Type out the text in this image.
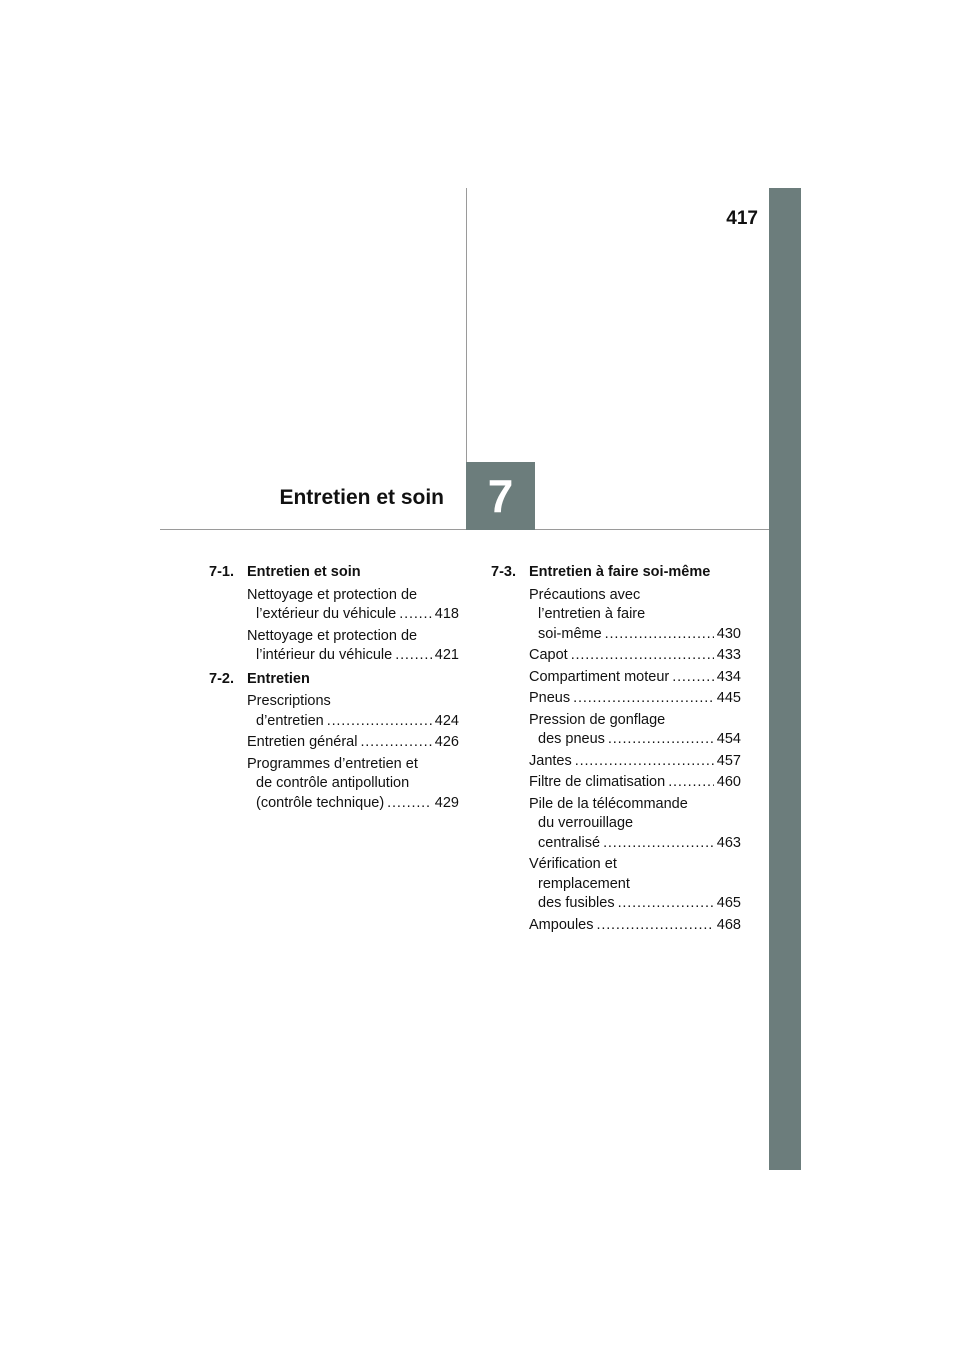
417
7
Entretien et soin
7-1. Entretien et soin
Nettoyage et protection de
l’extérieur du véhicule . . .	418
Nettoyage et protection de
l’intérieur du véhicule . . .	421
7-2. Entretien
Prescriptions
d’entretien . . .	424
Entretien général . . .	426
Programmes d’entretien et
de contrôle antipollution
(contrôle technique) . . .	429
7-3. Entretien à faire soi-même
Précautions avec
l’entretien à faire
soi-même . . .	430
Capot . . .	433
Compartiment moteur . . .	434
Pneus . . .	445
Pression de gonflage
des pneus . . .	454
Jantes . . .	457
Filtre de climatisation . . .	460
Pile de la télécommande
du verrouillage
centralisé . . .	463
Vérification et
remplacement
des fusibles . . .	465
Ampoules . . .	468
